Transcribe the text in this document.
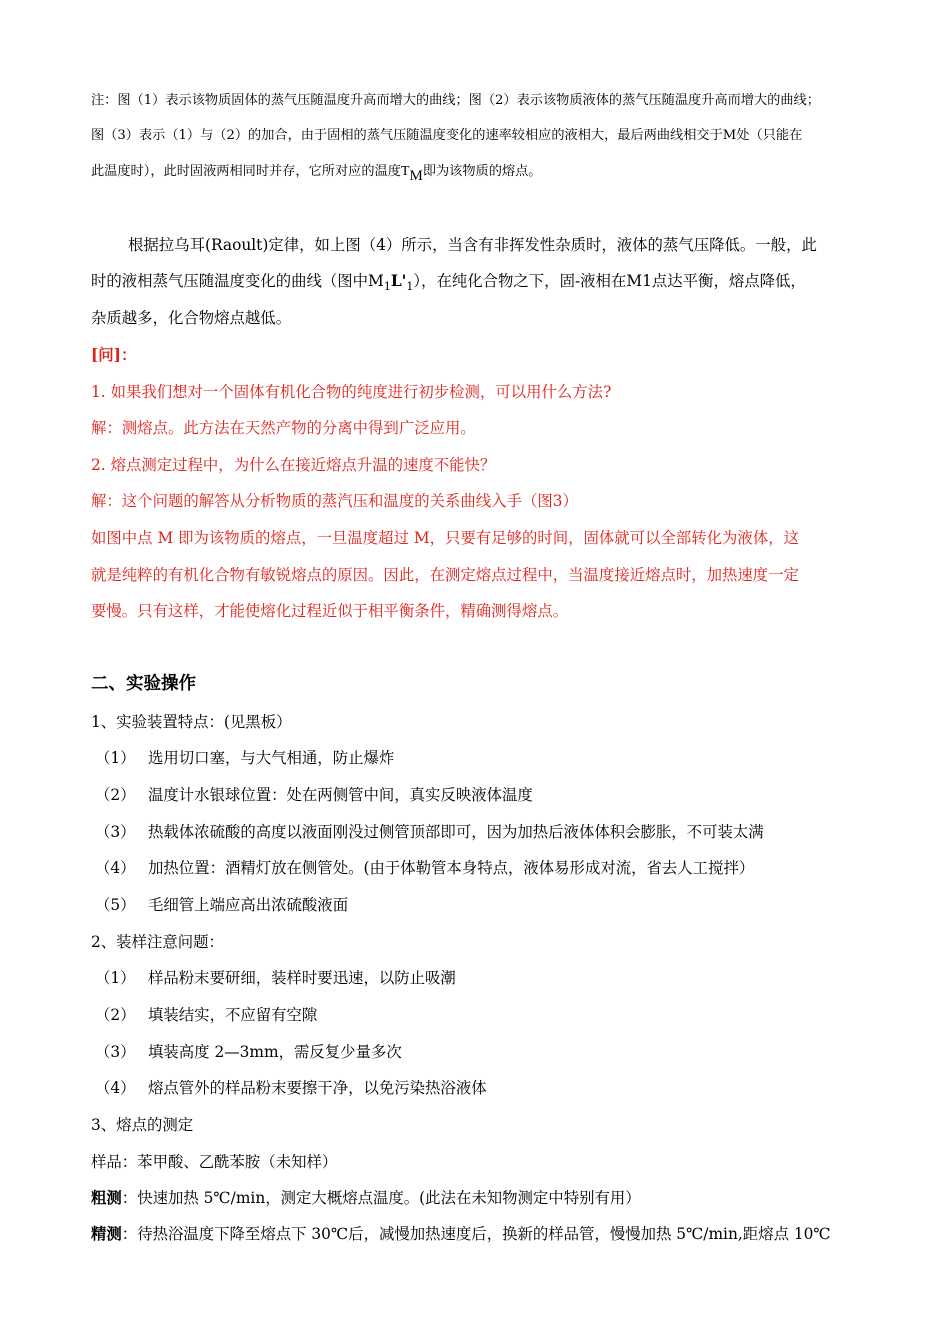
注：图（1）表示该物质固体的蒸气压随温度升高而增大的曲线；图（2）表示该物质液体的蒸气压随温度升高而增大的曲线；
图（3）表示（1）与（2）的加合，由于固相的蒸气压随温度变化的速率较相应的液相大，最后两曲线相交于M处（只能在
此温度时），此时固液两相同时并存，它所对应的温度TM即为该物质的熔点。
根据拉乌耳(Raoult)定律，如上图（4）所示，当含有非挥发性杂质时，液体的蒸气压降低。一般，此
时的液相蒸气压随温度变化的曲线（图中$M_1L'_1$），在纯化合物之下，固-液相在M1点达平衡，熔点降低，
杂质越多，化合物熔点越低。
[问]：
1. 如果我们想对一个固体有机化合物的纯度进行初步检测，可以用什么方法?
解：测熔点。此方法在天然产物的分离中得到广泛应用。
2. 熔点测定过程中，为什么在接近熔点升温的速度不能快？
解：这个问题的解答从分析物质的蒸汽压和温度的关系曲线入手（图3）
如图中点 M 即为该物质的熔点，一旦温度超过 M，只要有足够的时间，固体就可以全部转化为液体，这
就是纯粹的有机化合物有敏锐熔点的原因。因此，在测定熔点过程中，当温度接近熔点时，加热速度一定
要慢。只有这样，才能使熔化过程近似于相平衡条件，精确测得熔点。
二、实验操作
1、实验装置特点：(见黑板）
（1） 选用切口塞，与大气相通，防止爆炸
（2） 温度计水银球位置：处在两侧管中间，真实反映液体温度
（3） 热载体浓硫酸的高度以液面刚没过侧管顶部即可，因为加热后液体体积会膨胀，不可装太满
（4） 加热位置：酒精灯放在侧管处。(由于体勒管本身特点，液体易形成对流，省去人工搅拌）
（5） 毛细管上端应高出浓硫酸液面
2、装样注意问题：
（1） 样品粉末要研细，装样时要迅速，以防止吸潮
（2） 填装结实，不应留有空隙
（3） 填装高度 2—3mm，需反复少量多次
（4） 熔点管外的样品粉末要擦干净，以免污染热浴液体
3、熔点的测定
样品：苯甲酸、乙酰苯胺（未知样）
粗测：快速加热 5℃/min，测定大概熔点温度。(此法在未知物测定中特别有用）
精测：待热浴温度下降至熔点下 30℃后，减慢加热速度后，换新的样品管，慢慢加热 5℃/min,距熔点 10℃
